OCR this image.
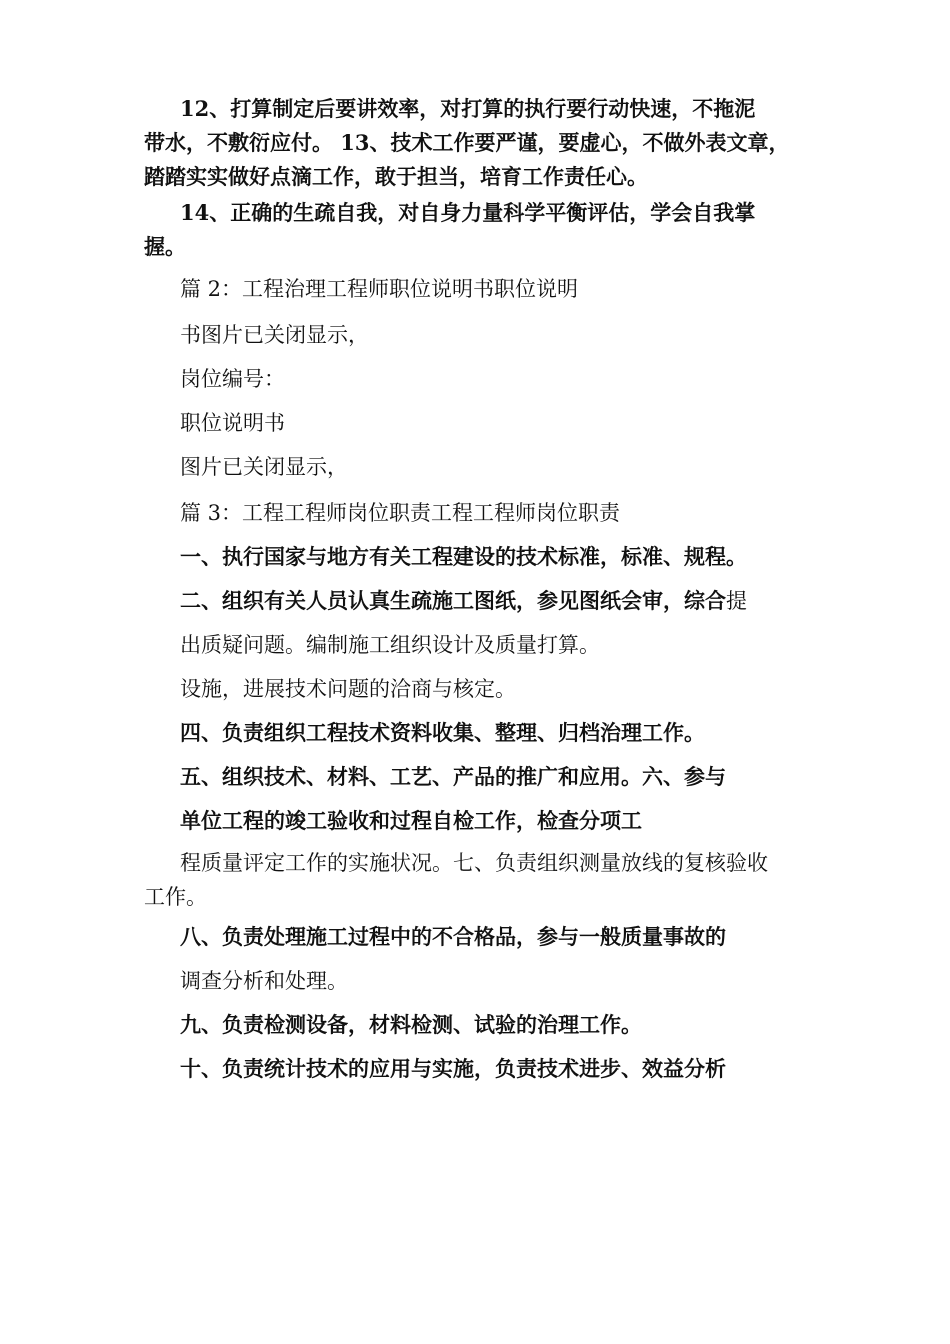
12、打算制定后要讲效率，对打算的执行要行动快速，不拖泥
带水，不敷衍应付。 13、技术工作要严谨，要虚心，不做外表文章，
踏踏实实做好点滴工作，敢于担当，培育工作责任心。
14、正确的生疏自我，对自身力量科学平衡评估，学会自我掌
握。

篇 2：工程治理工程师职位说明书职位说明

书图片已关闭显示，

岗位编号：

职位说明书

图片已关闭显示，

篇 3：工程工程师岗位职责工程工程师岗位职责

一、执行国家与地方有关工程建设的技术标准，标准、规程。

二、组织有关人员认真生疏施工图纸，参见图纸会审，综合提

出质疑问题。编制施工组织设计及质量打算。

设施，进展技术问题的洽商与核定。

四、负责组织工程技术资料收集、整理、归档治理工作。

五、组织技术、材料、工艺、产品的推广和应用。六、参与

单位工程的竣工验收和过程自检工作，检查分项工

程质量评定工作的实施状况。七、负责组织测量放线的复核验收
工作。

八、负责处理施工过程中的不合格品，参与一般质量事故的

调查分析和处理。

九、负责检测设备，材料检测、试验的治理工作。

十、负责统计技术的应用与实施，负责技术进步、效益分析
